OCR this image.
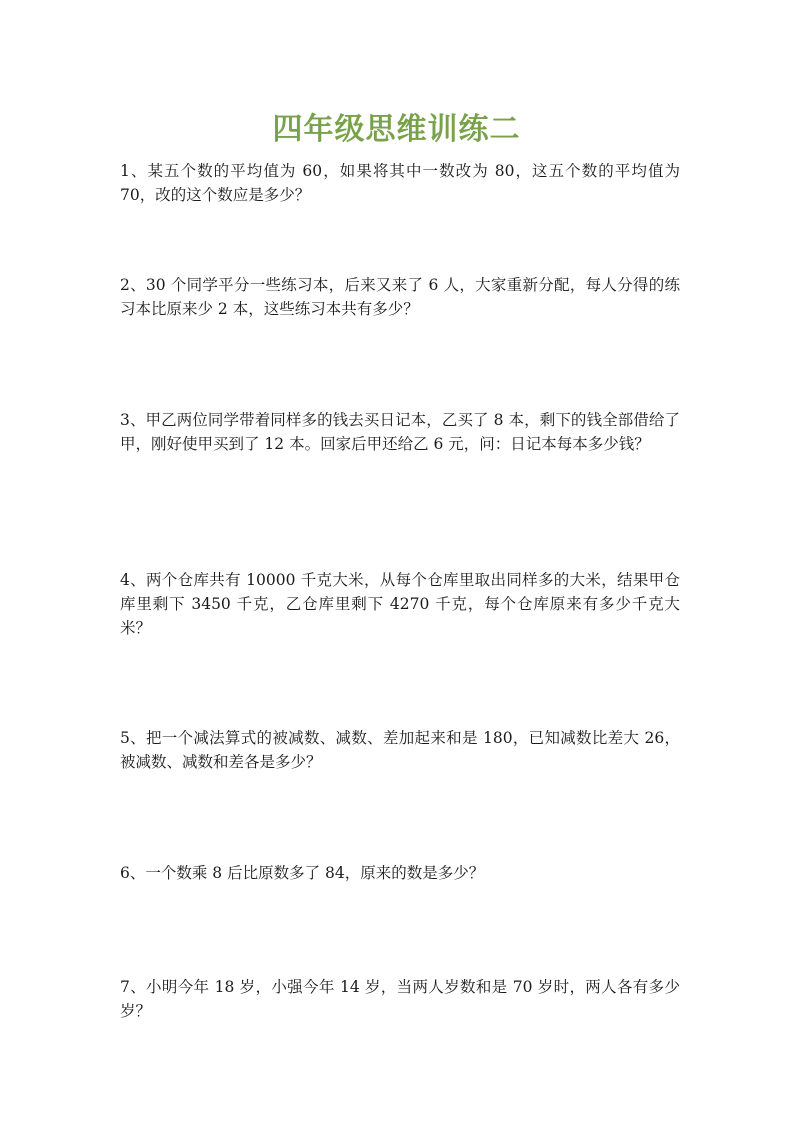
四年级思维训练二
1、某五个数的平均值为 60，如果将其中一数改为 80，这五个数的平均值为 70，改的这个数应是多少？
2、30 个同学平分一些练习本，后来又来了 6 人，大家重新分配，每人分得的练习本比原来少 2 本，这些练习本共有多少？
3、甲乙两位同学带着同样多的钱去买日记本，乙买了 8 本，剩下的钱全部借给了甲，刚好使甲买到了 12 本。回家后甲还给乙 6 元，问：日记本每本多少钱？
4、两个仓库共有 10000 千克大米，从每个仓库里取出同样多的大米，结果甲仓库里剩下 3450 千克，乙仓库里剩下 4270 千克，每个仓库原来有多少千克大米？
5、把一个减法算式的被减数、减数、差加起来和是 180，已知减数比差大 26，被减数、减数和差各是多少？
6、一个数乘 8 后比原数多了 84，原来的数是多少？
7、小明今年 18 岁，小强今年 14 岁，当两人岁数和是 70 岁时，两人各有多少岁？
